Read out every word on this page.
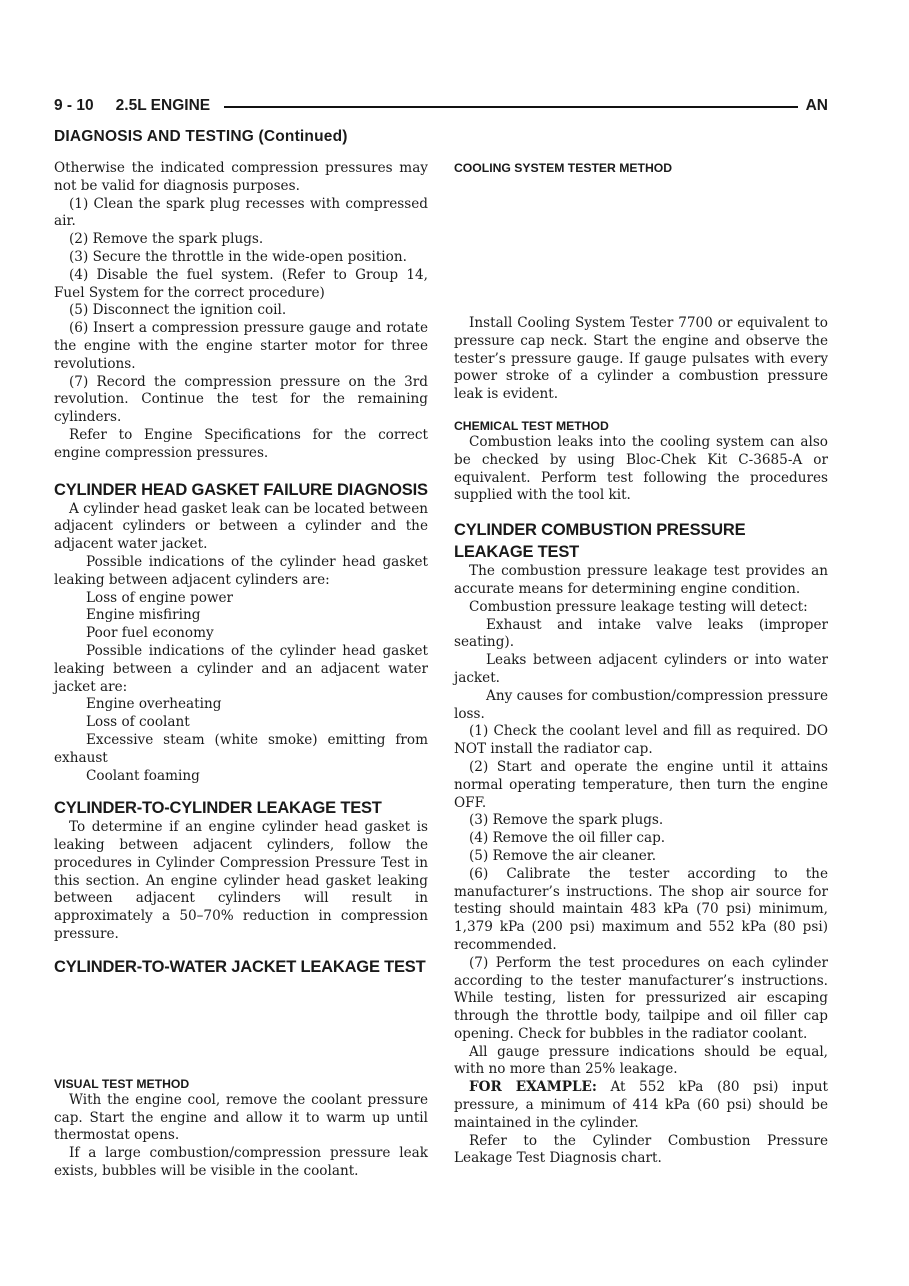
9 - 10 2.5L ENGINE	AN
DIAGNOSIS AND TESTING (Continued)

Otherwise the indicated compression pressures may not be valid for diagnosis purposes.

(1) Clean the spark plug recesses with compressed air.

(2) Remove the spark plugs.

(3) Secure the throttle in the wide-open position.

(4) Disable the fuel system. (Refer to Group 14, Fuel System for the correct procedure)

(5) Disconnect the ignition coil.

(6) Insert a compression pressure gauge and rotate the engine with the engine starter motor for three revolutions.

(7) Record the compression pressure on the 3rd revolution. Continue the test for the remaining cylinders.

Refer to Engine Specifications for the correct engine compression pressures.

CYLINDER HEAD GASKET FAILURE DIAGNOSIS

A cylinder head gasket leak can be located between adjacent cylinders or between a cylinder and the adjacent water jacket.

Possible indications of the cylinder head gasket leaking between adjacent cylinders are:

Loss of engine power

Engine misfiring

Poor fuel economy

Possible indications of the cylinder head gasket leaking between a cylinder and an adjacent water jacket are:

Engine overheating

Loss of coolant

Excessive steam (white smoke) emitting from exhaust

Coolant foaming

CYLINDER-TO-CYLINDER LEAKAGE TEST

To determine if an engine cylinder head gasket is leaking between adjacent cylinders, follow the procedures in Cylinder Compression Pressure Test in this section. An engine cylinder head gasket leaking between adjacent cylinders will result in approximately a 50–70% reduction in compression pressure.

CYLINDER-TO-WATER JACKET LEAKAGE TEST

VISUAL TEST METHOD

With the engine cool, remove the coolant pressure cap. Start the engine and allow it to warm up until thermostat opens.

If a large combustion/compression pressure leak exists, bubbles will be visible in the coolant.

COOLING SYSTEM TESTER METHOD

Install Cooling System Tester 7700 or equivalent to pressure cap neck. Start the engine and observe the tester’s pressure gauge. If gauge pulsates with every power stroke of a cylinder a combustion pressure leak is evident.

CHEMICAL TEST METHOD

Combustion leaks into the cooling system can also be checked by using Bloc-Chek Kit C-3685-A or equivalent. Perform test following the procedures supplied with the tool kit.

CYLINDER COMBUSTION PRESSURE LEAKAGE TEST

The combustion pressure leakage test provides an accurate means for determining engine condition.

Combustion pressure leakage testing will detect:

Exhaust and intake valve leaks (improper seating).

Leaks between adjacent cylinders or into water jacket.

Any causes for combustion/compression pressure loss.

(1) Check the coolant level and fill as required. DO NOT install the radiator cap.

(2) Start and operate the engine until it attains normal operating temperature, then turn the engine OFF.

(3) Remove the spark plugs.

(4) Remove the oil filler cap.

(5) Remove the air cleaner.

(6) Calibrate the tester according to the manufacturer’s instructions. The shop air source for testing should maintain 483 kPa (70 psi) minimum, 1,379 kPa (200 psi) maximum and 552 kPa (80 psi) recommended.

(7) Perform the test procedures on each cylinder according to the tester manufacturer’s instructions. While testing, listen for pressurized air escaping through the throttle body, tailpipe and oil filler cap opening. Check for bubbles in the radiator coolant.

All gauge pressure indications should be equal, with no more than 25% leakage.

FOR EXAMPLE: At 552 kPa (80 psi) input pressure, a minimum of 414 kPa (60 psi) should be maintained in the cylinder.

Refer to the Cylinder Combustion Pressure Leakage Test Diagnosis chart.
